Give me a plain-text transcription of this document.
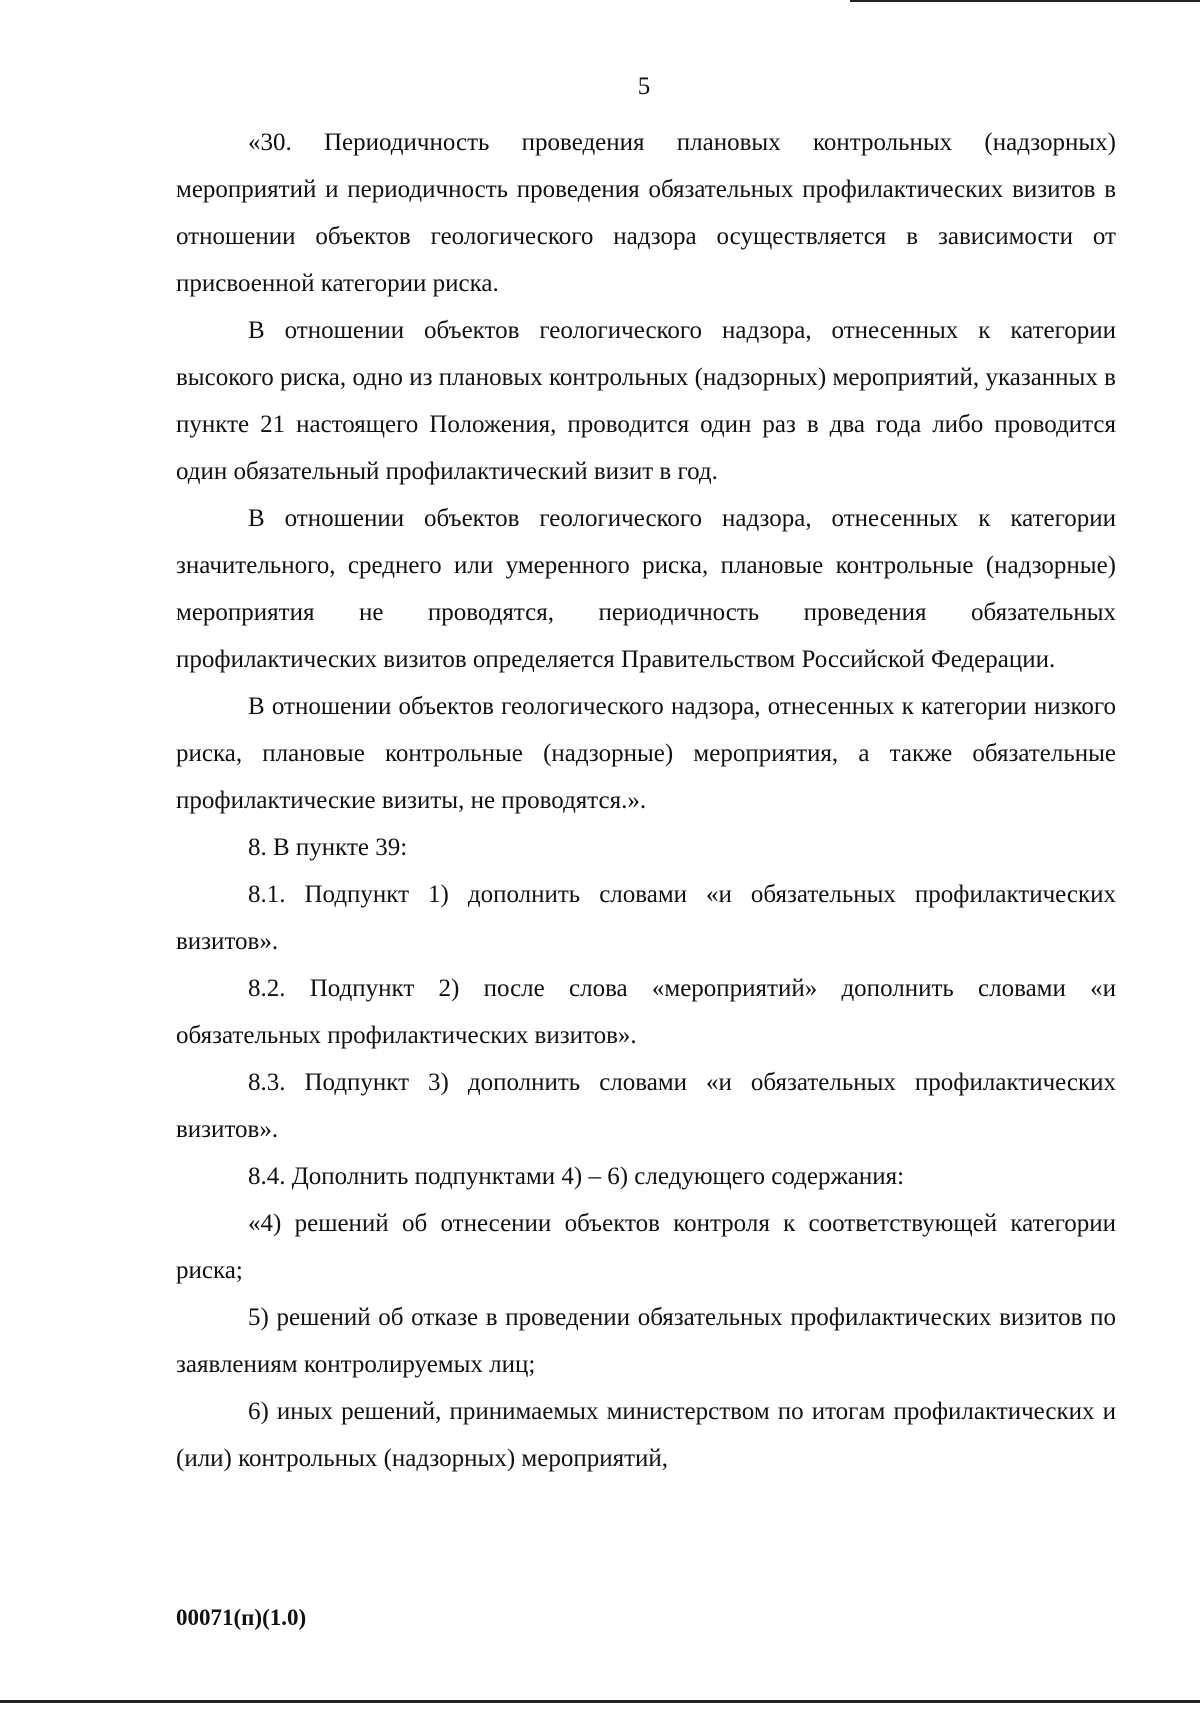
5

«30. Периодичность проведения плановых контрольных (надзорных) мероприятий и периодичность проведения обязательных профилактических визитов в отношении объектов геологического надзора осуществляется в зависимости от присвоенной категории риска.

В отношении объектов геологического надзора, отнесенных к категории высокого риска, одно из плановых контрольных (надзорных) мероприятий, указанных в пункте 21 настоящего Положения, проводится один раз в два года либо проводится один обязательный профилактический визит в год.

В отношении объектов геологического надзора, отнесенных к категории значительного, среднего или умеренного риска, плановые контрольные (надзорные) мероприятия не проводятся, периодичность проведения обязательных профилактических визитов определяется Правительством Российской Федерации.

В отношении объектов геологического надзора, отнесенных к категории низкого риска, плановые контрольные (надзорные) мероприятия, а также обязательные профилактические визиты, не проводятся.».

8. В пункте 39:

8.1. Подпункт 1) дополнить словами «и обязательных профилактических визитов».

8.2. Подпункт 2) после слова «мероприятий» дополнить словами «и обязательных профилактических визитов».

8.3. Подпункт 3) дополнить словами «и обязательных профилактических визитов».

8.4. Дополнить подпунктами 4) – 6) следующего содержания:

«4) решений об отнесении объектов контроля к соответствующей категории риска;

5) решений об отказе в проведении обязательных профилактических визитов по заявлениям контролируемых лиц;

6) иных решений, принимаемых министерством по итогам профилактических и (или) контрольных (надзорных) мероприятий,

00071(п)(1.0)
